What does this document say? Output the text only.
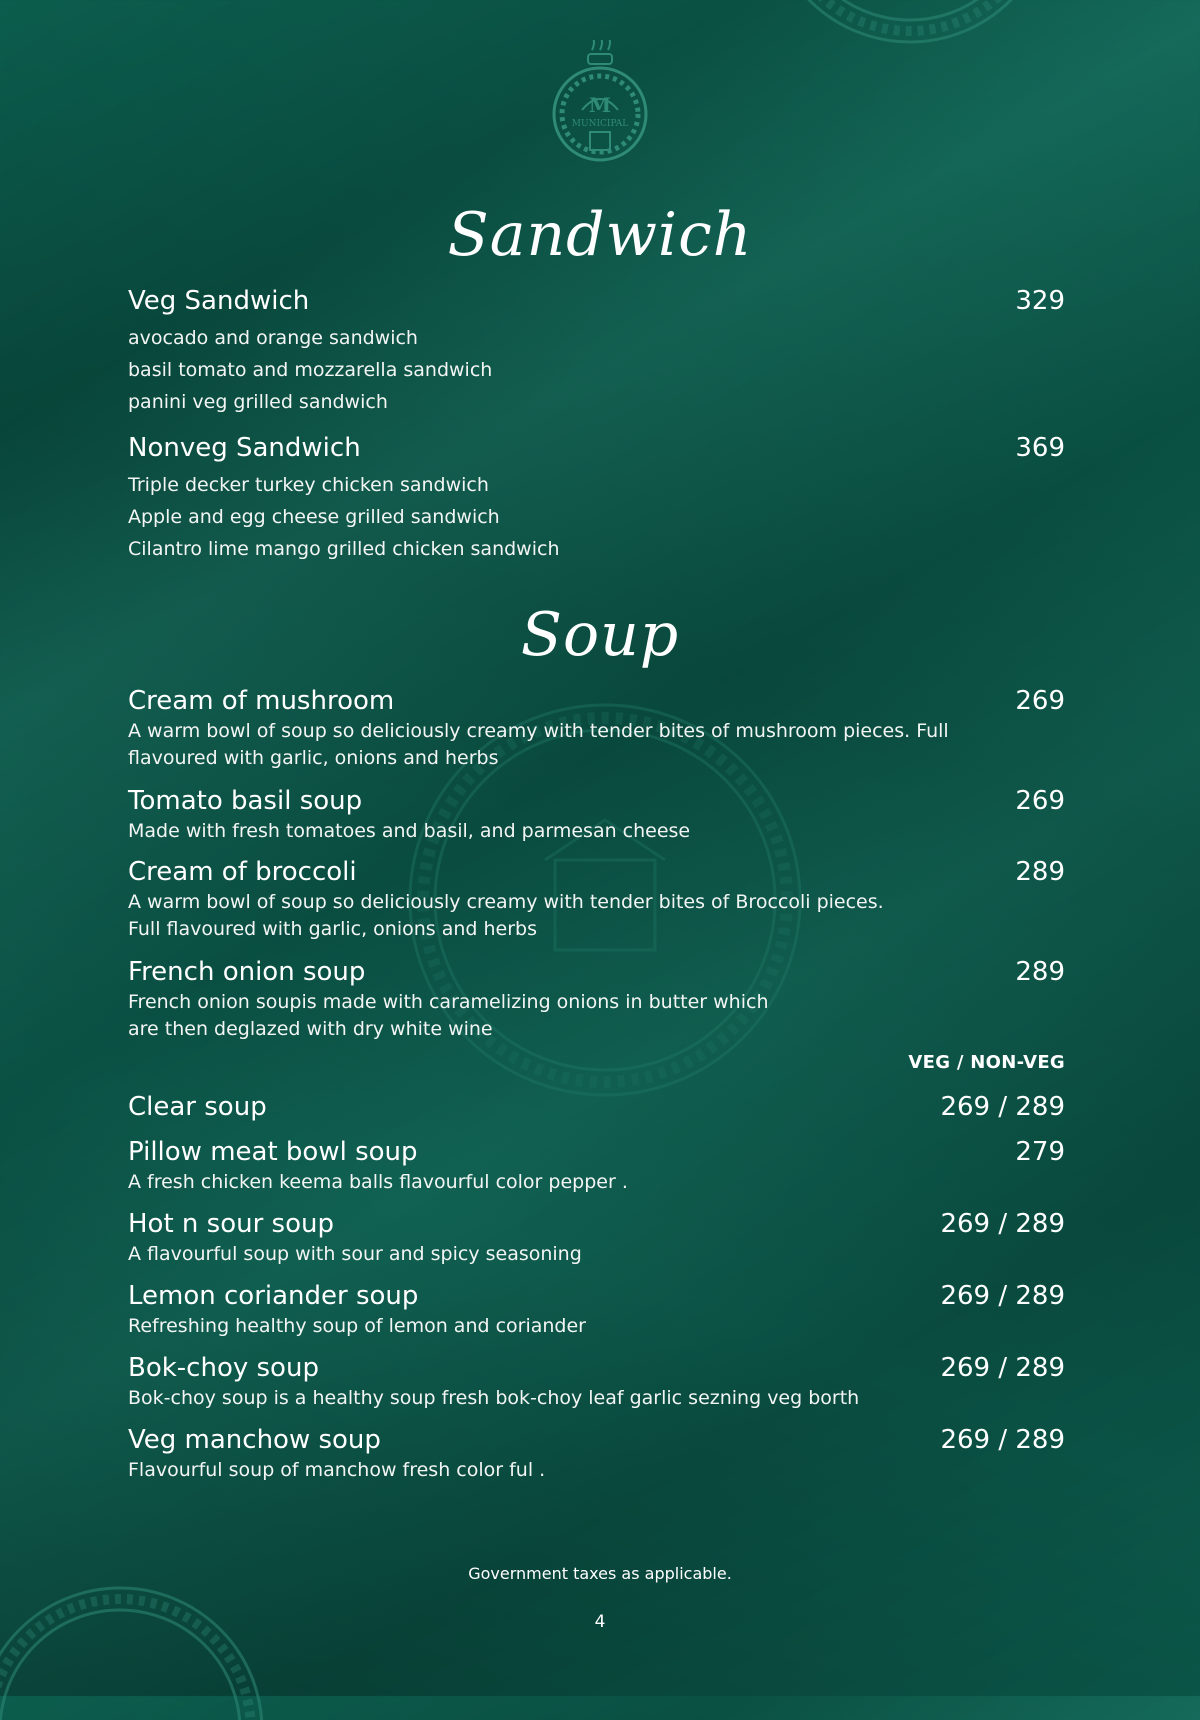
M
MUNICIPAL
Sandwich
Veg Sandwich	329
avocado and orange sandwich
basil tomato and mozzarella sandwich
panini veg grilled sandwich
Nonveg Sandwich	369
Triple decker turkey chicken sandwich
Apple and egg cheese grilled sandwich
Cilantro lime mango grilled chicken sandwich
Soup
Cream of mushroom	269
A warm bowl of soup so deliciously creamy with tender bites of mushroom pieces. Full
flavoured with garlic, onions and herbs
Tomato basil soup	269
Made with fresh tomatoes and basil, and parmesan cheese
Cream of broccoli	289
A warm bowl of soup so deliciously creamy with tender bites of Broccoli pieces.
Full flavoured with garlic, onions and herbs
French onion soup	289
French onion soupis made with caramelizing onions in butter which
are then deglazed with dry white wine
VEG / NON-VEG
Clear soup	269 / 289
Pillow meat bowl soup	279
A fresh chicken keema balls flavourful color pepper .
Hot n sour soup	269 / 289
A flavourful soup with sour and spicy seasoning
Lemon coriander soup	269 / 289
Refreshing healthy soup of lemon and coriander
Bok-choy soup	269 / 289
Bok-choy soup is a healthy soup fresh bok-choy leaf garlic sezning veg borth
Veg manchow soup	269 / 289
Flavourful soup of manchow fresh color ful .
Government taxes as applicable.
4
